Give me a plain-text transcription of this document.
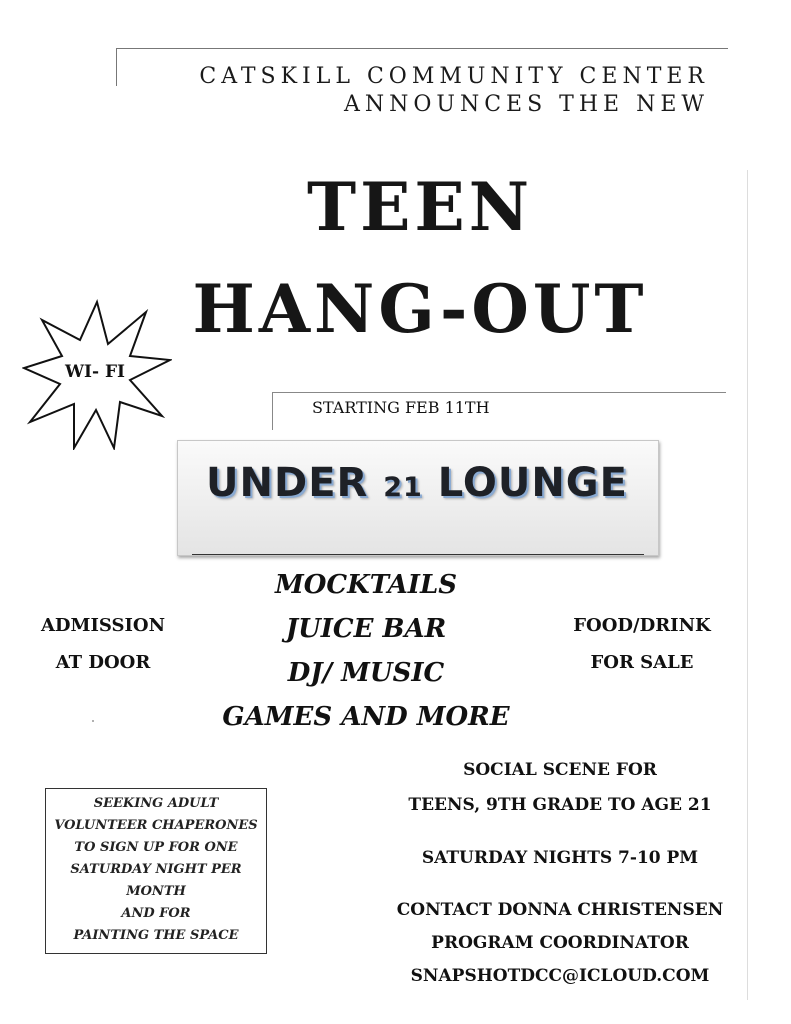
CATSKILL COMMUNITY CENTER
ANNOUNCES THE NEW
TEEN
HANG-OUT
WI- FI
STARTING FEB 11TH
UNDER 21 LOUNGE
MOCKTAILS
JUICE BAR
DJ/ MUSIC
GAMES AND MORE
ADMISSION
AT DOOR
FOOD/DRINK
FOR SALE
SEEKING ADULT
VOLUNTEER CHAPERONES
TO SIGN UP FOR ONE
SATURDAY NIGHT PER
MONTH
AND FOR
PAINTING THE SPACE
SOCIAL SCENE FOR
TEENS, 9TH GRADE TO AGE 21
SATURDAY NIGHTS 7-10 PM
CONTACT DONNA CHRISTENSEN
PROGRAM COORDINATOR
SNAPSHOTDCC@ICLOUD.COM
